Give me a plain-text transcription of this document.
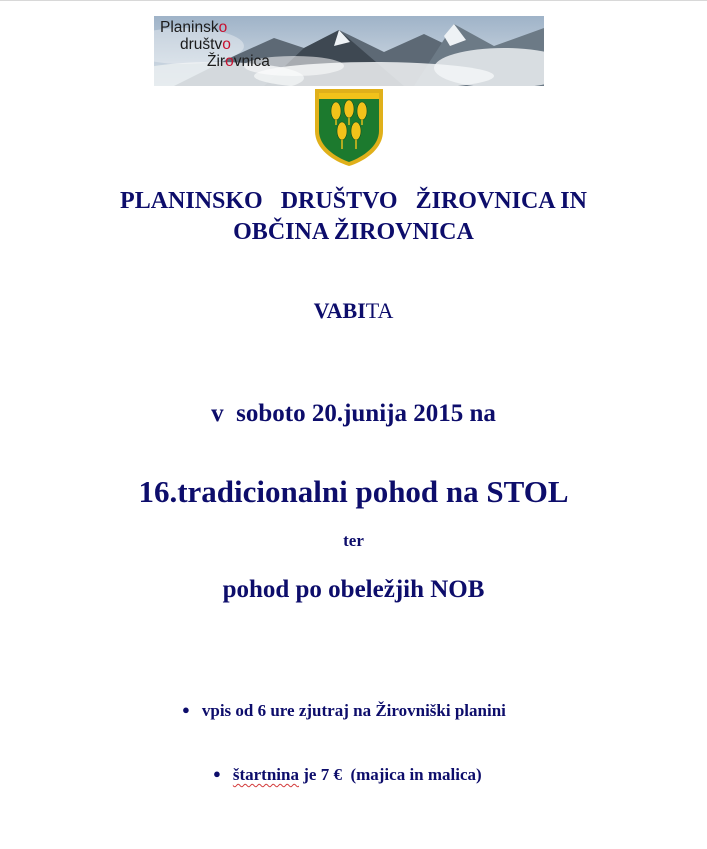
Planinsko
društvo
Žirovnica
PLANINSKO   DRUŠTVO   ŽIROVNICA IN
OBČINA ŽIROVNICA
VABITA
v  soboto 20.junija 2015 na
16.tradicionalni pohod na STOL
ter
pohod po obeležjih NOB
● vpis od 6 ure zjutraj na Žirovniški planini
● štartnina je 7 €  (majica in malica)
